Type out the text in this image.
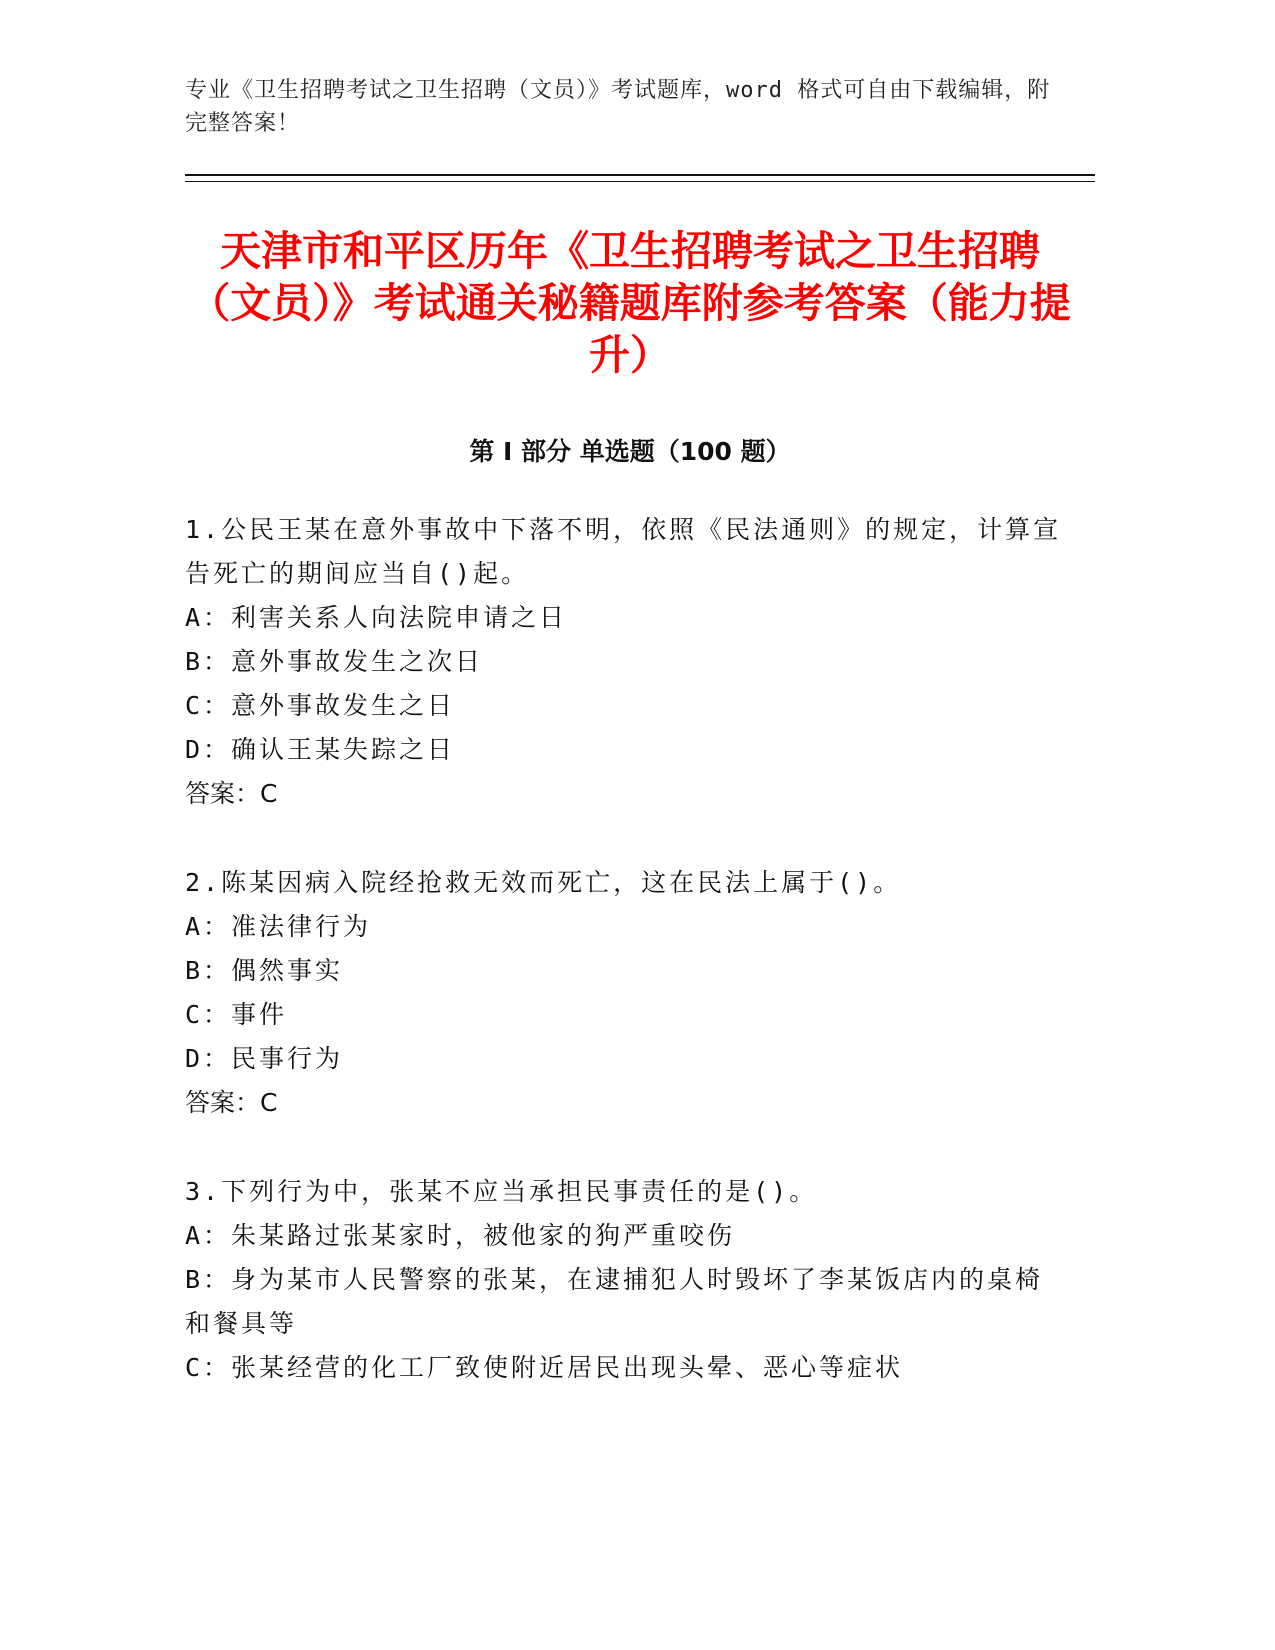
专业《卫生招聘考试之卫生招聘（文员）》考试题库，word 格式可自由下载编辑，附完整答案！
天津市和平区历年《卫生招聘考试之卫生招聘（文员）》考试通关秘籍题库附参考答案（能力提升）
第 I 部分 单选题（100 题）
1.公民王某在意外事故中下落不明，依照《民法通则》的规定，计算宣告死亡的期间应当自()起。
A：利害关系人向法院申请之日
B：意外事故发生之次日
C：意外事故发生之日
D：确认王某失踪之日
答案：C
2.陈某因病入院经抢救无效而死亡，这在民法上属于()。
A：准法律行为
B：偶然事实
C：事件
D：民事行为
答案：C
3.下列行为中，张某不应当承担民事责任的是()。
A：朱某路过张某家时，被他家的狗严重咬伤
B：身为某市人民警察的张某，在逮捕犯人时毁坏了李某饭店内的桌椅和餐具等
C：张某经营的化工厂致使附近居民出现头晕、恶心等症状
